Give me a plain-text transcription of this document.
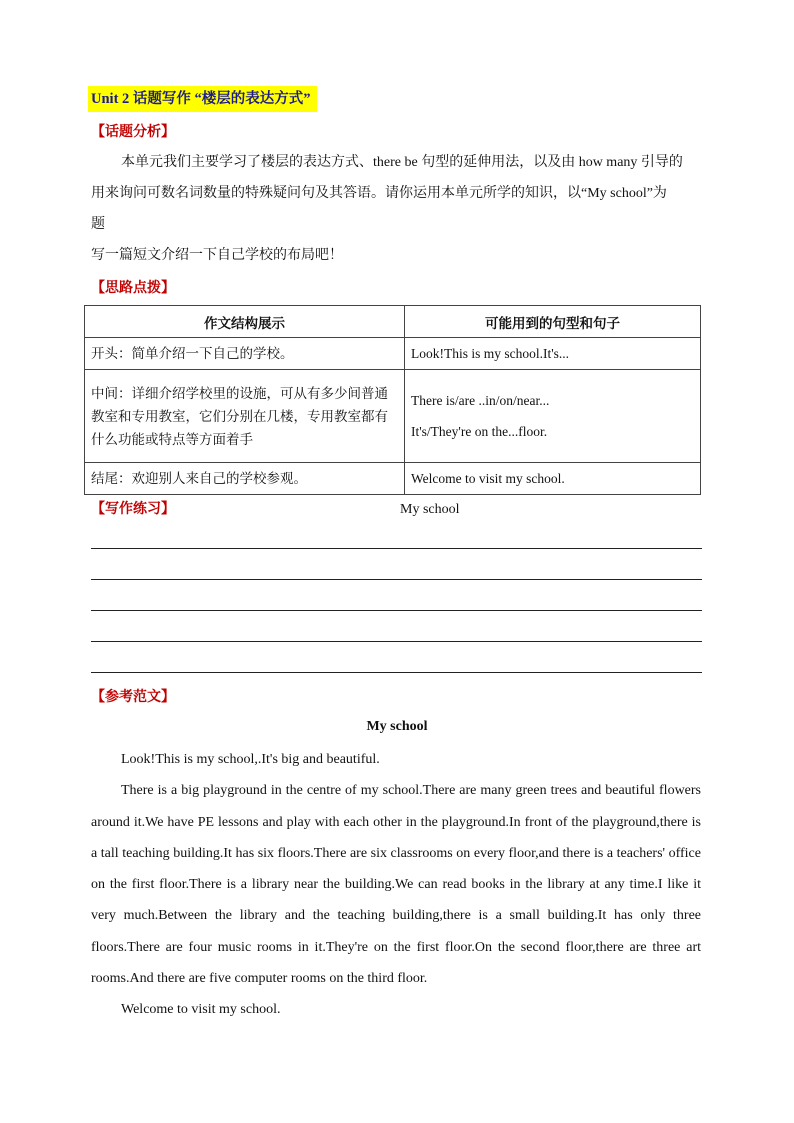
Unit 2 话题写作 “楼层的表达方式”
【话题分析】
本单元我们主要学习了楼层的表达方式、there be 句型的延伸用法，以及由 how many 引导的
用来询问可数名词数量的特殊疑问句及其答语。请你运用本单元所学的知识，以“My school”为
题
写一篇短文介绍一下自己学校的布局吧！
【思路点拨】
作文结构展示	可能用到的句型和句子
开头：简单介绍一下自己的学校。	Look!This is my school.It's...

中间：详细介绍学校里的设施，可从有多少间普通教室和专用教室，它们分别在几楼，专用教室都有什么功能或特点等方面着手	There is/are ..in/on/near...
It's/They're on the...floor.

结尾：欢迎别人来自己的学校参观。	Welcome to visit my school.
【写作练习】	My school
【参考范文】
My school

Look!This is my school,.It's big and beautiful.

There is a big playground in the centre of my school.There are many green trees and beautiful flowers around it.We have PE lessons and play with each other in the playground.In front of the playground,there is a tall teaching building.It has six floors.There are six classrooms on every floor,and there is a teachers' office on the first floor.There is a library near the building.We can read books in the library at any time.I like it very much.Between the library and the teaching building,there is a small building.It has only three floors.There are four music rooms in it.They're on the first floor.On the second floor,there are three art rooms.And there are five computer rooms on the third floor.

Welcome to visit my school.
